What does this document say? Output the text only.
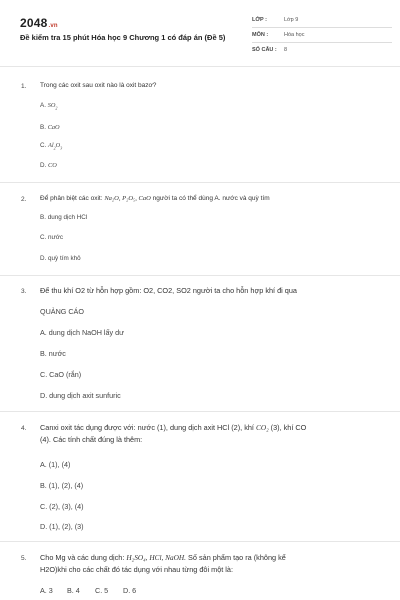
2048.vn
Đề kiểm tra 15 phút Hóa học 9 Chương 1 có đáp án (Đề 5)
LỚP :	Lớp 9
MÔN :	Hóa học
SỐ CÂU : 8
1. Trong các oxit sau oxit nào là oxit bazơ?
A. $SO_2$
B. CaO
C. $Al_2O_3$
D. CO
2. Để phân biệt các oxit: Na₂O, P₂O₅, CaO người ta có thể dùng A. nước và quỳ tím
B. dung dịch HCl
C. nước
D. quỳ tím khô
3. Để thu khí O2 từ hỗn hợp gồm: O2, CO2, SO2 người ta cho hỗn hợp khí đi qua
QUẢNG CÁO
A. dung dịch NaOH lấy dư
B. nước
C. CaO (rắn)
D. dung dịch axit sunfuric
4. Canxi oxit tác dụng được với: nước (1), dung dịch axit HCl (2), khí CO₂ (3), khí CO
(4). Các tính chất đúng là thêm:
A. (1), (4)
B. (1), (2), (4)
C. (2), (3), (4)
D. (1), (2), (3)
5. Cho Mg và các dung dịch: H₂SO₄, HCl, NaOH. Số sản phẩm tạo ra (không kể
H2O)khi cho các chất đó tác dụng với nhau từng đôi một là:
A. 3 B. 4 C. 5 D. 6
